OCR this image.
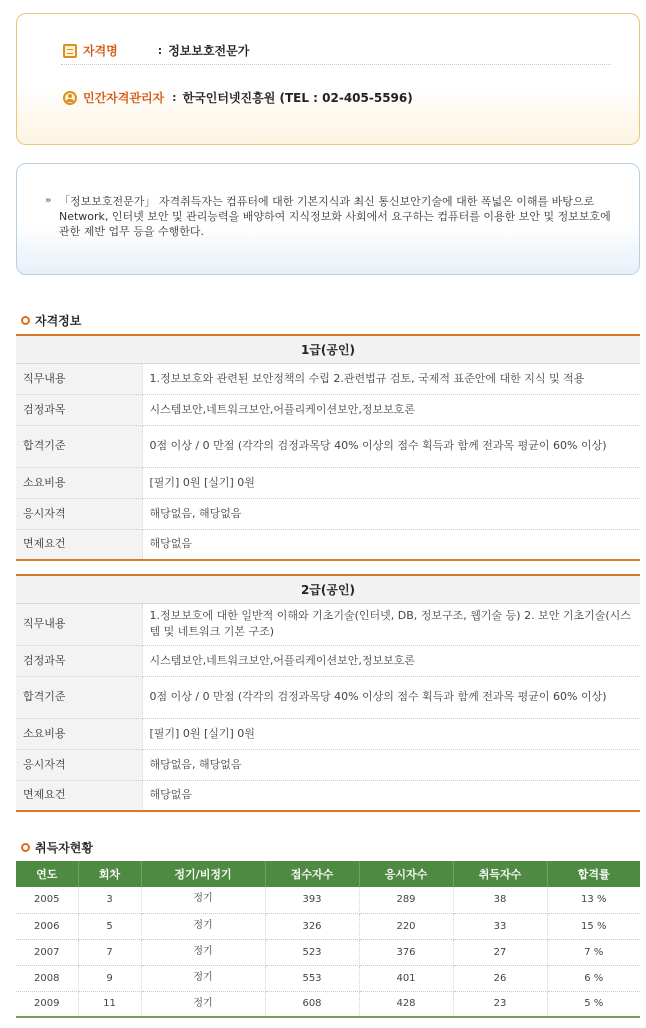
자격명	: 정보보호전문가
민간자격관리자 : 한국인터넷진흥원 (TEL : 02-405-5596)
» 「정보보호전문가」 자격취득자는 컴퓨터에 대한 기본지식과 최신 통신보안기술에 대한 폭넓은 이해를 바탕으로 Network, 인터넷 보안 및 관리능력을 배양하여 지식정보화 사회에서 요구하는 컴퓨터를 이용한 보안 및 정보보호에 관한 제반 업무 등을 수행한다.

자격정보
1급(공인)	
직무내용	1.정보보호와 관련된 보안정책의 수립 2.관련법규 검토, 국제적 표준안에 대한 지식 및 적용
검정과목	시스템보안,네트워크보안,어플리케이션보안,정보보호론
합격기준	0점 이상 / 0 만점 (각각의 검정과목당 40% 이상의 점수 획득과 함께 전과목 평균이 60% 이상)
소요비용	[필기] 0원 [실기] 0원
응시자격	해당없음, 해당없음
면제요건	해당없음
2급(공인)	
직무내용	1.정보보호에 대한 일반적 이해와 기초기술(인터넷, DB, 정보구조, 웹기술 등) 2. 보안 기초기술(시스템 및 네트워크 기본 구조)
검정과목	시스템보안,네트워크보안,어플리케이션보안,정보보호론
합격기준	0점 이상 / 0 만점 (각각의 검정과목당 40% 이상의 점수 획득과 함께 전과목 평균이 60% 이상)
소요비용	[필기] 0원 [실기] 0원
응시자격	해당없음, 해당없음
면제요건	해당없음
취득자현황
연도	회차	정기/비정기	접수자수	응시자수	취득자수	합격률
2005	3	정기	393	289	38	13 %
2006	5	정기	326	220	33	15 %
2007	7	정기	523	376	27	7 %
2008	9	정기	553	401	26	6 %
2009	11	정기	608	428	23	5 %
